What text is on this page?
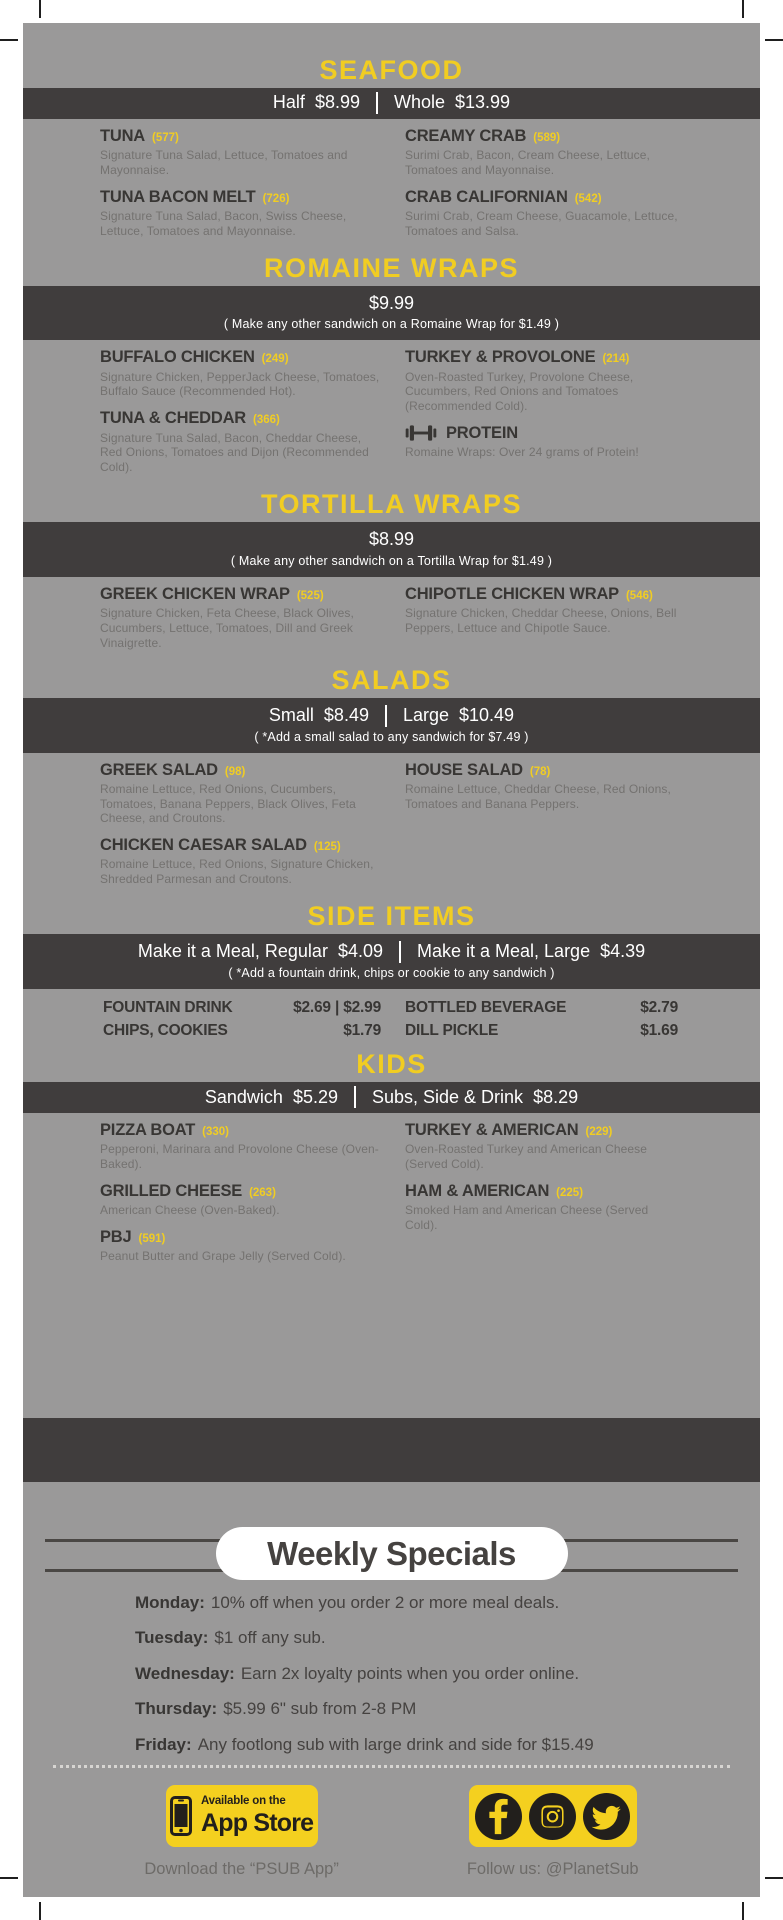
SEAFOOD
Half $8.99 Whole $13.99
TUNA (577)
Signature Tuna Salad, Lettuce, Tomatoes and Mayonnaise.
TUNA BACON MELT (726)
Signature Tuna Salad, Bacon, Swiss Cheese, Lettuce, Tomatoes and Mayonnaise.
CREAMY CRAB (589)
Surimi Crab, Bacon, Cream Cheese, Lettuce, Tomatoes and Mayonnaise.
CRAB CALIFORNIAN (542)
Surimi Crab, Cream Cheese, Guacamole, Lettuce, Tomatoes and Salsa.
ROMAINE WRAPS
$9.99
( Make any other sandwich on a Romaine Wrap for $1.49 )
BUFFALO CHICKEN (249)
Signature Chicken, PepperJack Cheese, Tomatoes, Buffalo Sauce (Recommended Hot).
TUNA & CHEDDAR (366)
Signature Tuna Salad, Bacon, Cheddar Cheese, Red Onions, Tomatoes and Dijon (Recommended Cold).
TURKEY & PROVOLONE (214)
Oven-Roasted Turkey, Provolone Cheese, Cucumbers, Red Onions and Tomatoes (Recommended Cold).
PROTEIN
Romaine Wraps: Over 24 grams of Protein!
TORTILLA WRAPS
$8.99
( Make any other sandwich on a Tortilla Wrap for $1.49 )
GREEK CHICKEN WRAP (525)
Signature Chicken, Feta Cheese, Black Olives, Cucumbers, Lettuce, Tomatoes, Dill and Greek Vinaigrette.
CHIPOTLE CHICKEN WRAP (546)
Signature Chicken, Cheddar Cheese, Onions, Bell Peppers, Lettuce and Chipotle Sauce.
SALADS
Small $8.49 Large $10.49
( *Add a small salad to any sandwich for $7.49 )
GREEK SALAD (98)
Romaine Lettuce, Red Onions, Cucumbers, Tomatoes, Banana Peppers, Black Olives, Feta Cheese, and Croutons.
CHICKEN CAESAR SALAD (125)
Romaine Lettuce, Red Onions, Signature Chicken, Shredded Parmesan and Croutons.
HOUSE SALAD (78)
Romaine Lettuce, Cheddar Cheese, Red Onions, Tomatoes and Banana Peppers.
SIDE ITEMS
Make it a Meal, Regular $4.09 Make it a Meal, Large $4.39
( *Add a fountain drink, chips or cookie to any sandwich )
FOUNTAIN DRINK	$2.69 | $2.99
CHIPS, COOKIES	$1.79
BOTTLED BEVERAGE	$2.79
DILL PICKLE	$1.69
KIDS
Sandwich $5.29 Subs, Side & Drink $8.29
PIZZA BOAT (330)
Pepperoni, Marinara and Provolone Cheese (Oven-Baked).
GRILLED CHEESE (263)
American Cheese (Oven-Baked).
PBJ (591)
Peanut Butter and Grape Jelly (Served Cold).
TURKEY & AMERICAN (229)
Oven-Roasted Turkey and American Cheese (Served Cold).
HAM & AMERICAN (225)
Smoked Ham and American Cheese (Served Cold).
Weekly Specials
Monday: 10% off when you order 2 or more meal deals.
Tuesday: $1 off any sub.
Wednesday: Earn 2x loyalty points when you order online.
Thursday: $5.99 6" sub from 2-8 PM
Friday: Any footlong sub with large drink and side for $15.49
Available on the
App Store
Download the “PSUB App”	Follow us: @PlanetSub
